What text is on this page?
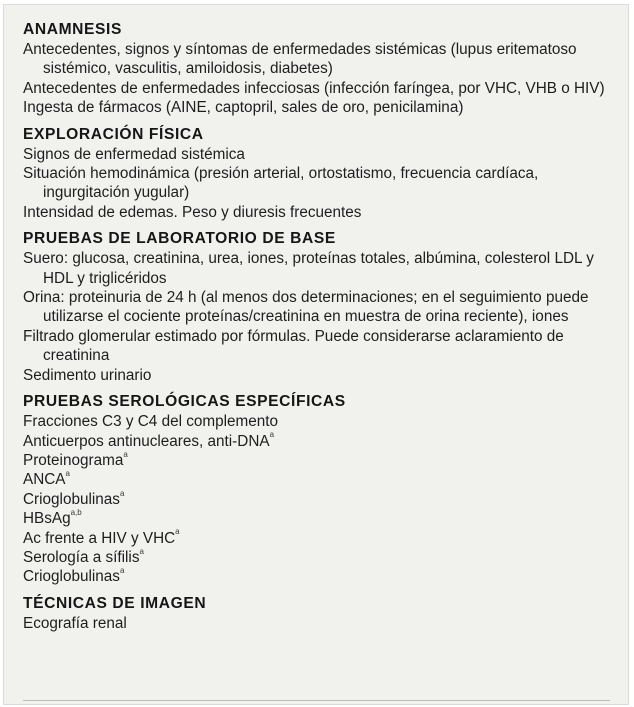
ANAMNESIS
Antecedentes, signos y síntomas de enfermedades sistémicas (lupus eritematoso sistémico, vasculitis, amiloidosis, diabetes)
Antecedentes de enfermedades infecciosas (infección faríngea, por VHC, VHB o HIV)
Ingesta de fármacos (AINE, captopril, sales de oro, penicilamina)
EXPLORACIÓN FÍSICA
Signos de enfermedad sistémica
Situación hemodinámica (presión arterial, ortostatismo, frecuencia cardíaca, ingurgitación yugular)
Intensidad de edemas. Peso y diuresis frecuentes
PRUEBAS DE LABORATORIO DE BASE
Suero: glucosa, creatinina, urea, iones, proteínas totales, albúmina, colesterol LDL y HDL y triglicéridos
Orina: proteinuria de 24 h (al menos dos determinaciones; en el seguimiento puede utilizarse el cociente proteínas/creatinina en muestra de orina reciente), iones
Filtrado glomerular estimado por fórmulas. Puede considerarse aclaramiento de creatinina
Sedimento urinario
PRUEBAS SEROLÓGICAS ESPECÍFICAS
Fracciones C3 y C4 del complemento
Anticuerpos antinucleares, anti-DNA$^a$
Proteinograma$^a$
ANCA$^a$
Crioglobulinas$^a$
HBsAg$^{a,b}$
Ac frente a HIV y VHC$^a$
Serología a sífilis$^a$
Crioglobulinas$^a$
TÉCNICAS DE IMAGEN
Ecografía renal
